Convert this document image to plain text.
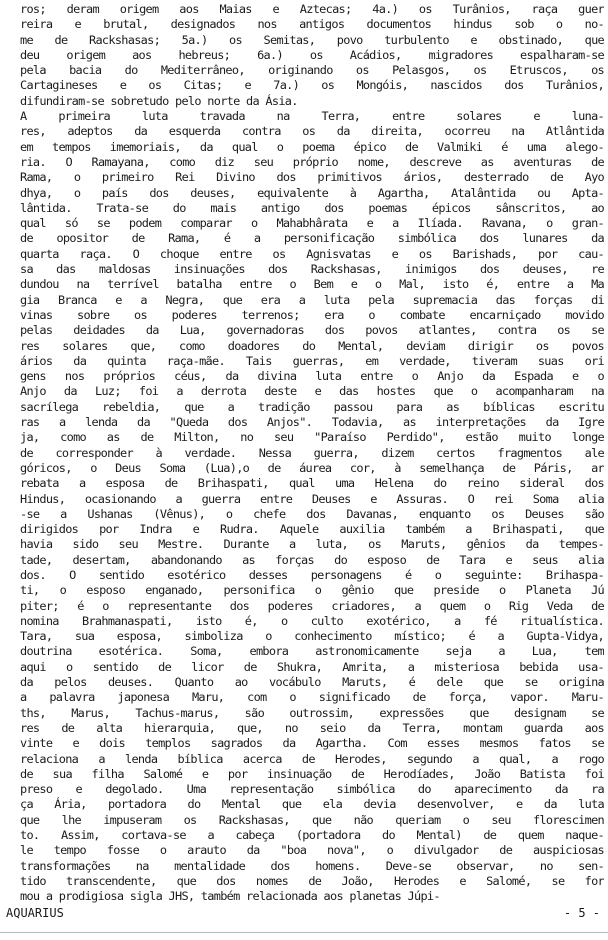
ros; deram origem aos Maias e Aztecas; 4a.) os Turânios, raça guer
reira e brutal, designados nos antigos documentos hindus sob o no-
me de Rackshasas; 5a.) os Semitas, povo turbulento e obstinado, que
deu origem aos hebreus; 6a.) os Acádios, migradores espalharam-se
pela bacia do Mediterrâneo, originando os Pelasgos, os Etruscos, os
Cartagineses e os Citas; e 7a.) os Mongóis, nascidos dos Turânios,
difundiram-se sobretudo pelo norte da Ásia.
A primeira luta travada na Terra, entre solares e luna-
res, adeptos da esquerda contra os da direita, ocorreu na Atlântida
em tempos imemoriais, da qual o poema épico de Valmiki é uma alego-
ria. O Ramayana, como diz seu próprio nome, descreve as aventuras de
Rama, o primeiro Rei Divino dos primitivos ários, desterrado de Ayo
dhya, o país dos deuses, equivalente à Agartha, Atalântida ou Apta-
lântida. Trata-se do mais antigo dos poemas épicos sânscritos, ao
qual só se podem comparar o Mahabhârata e a Ilíada. Ravana, o gran-
de opositor de Rama, é a personificação simbólica dos lunares da
quarta raça. O choque entre os Agnisvatas e os Barishads, por cau-
sa das maldosas insinuações dos Rackshasas, inimigos dos deuses, re
dundou na terrível batalha entre o Bem e o Mal, isto é, entre a Ma
gia Branca e a Negra, que era a luta pela supremacia das forças di
vinas sobre os poderes terrenos; era o combate encarniçado movido
pelas deidades da Lua, governadoras dos povos atlantes, contra os se
res solares que, como doadores do Mental, deviam dirigir os povos
ários da quinta raça-mãe. Tais guerras, em verdade, tiveram suas ori
gens nos próprios céus, da divina luta entre o Anjo da Espada e o
Anjo da Luz; foi a derrota deste e das hostes que o acompanharam na
sacrílega rebeldia, que a tradição passou para as bíblicas escritu
ras a lenda da "Queda dos Anjos". Todavia, as interpretações da Igre
ja, como as de Milton, no seu "Paraíso Perdido", estão muito longe
de corresponder à verdade. Nessa guerra, dizem certos fragmentos ale
góricos, o Deus Soma (Lua),o de áurea cor, à semelhança de Páris, ar
rebata a esposa de Brihaspati, qual uma Helena do reino sideral dos
Hindus, ocasionando a guerra entre Deuses e Assuras. O rei Soma alia
-se a Ushanas (Vênus), o chefe dos Davanas, enquanto os Deuses são
dirigidos por Indra e Rudra. Aquele auxilia também a Brihaspati, que
havia sido seu Mestre. Durante a luta, os Maruts, gênios da tempes-
tade, desertam, abandonando as forças do esposo de Tara e seus alia
dos. O sentido esotérico desses personagens é o seguinte: Brihaspa-
ti, o esposo enganado, personifica o gênio que preside o Planeta Jú
piter; é o representante dos poderes criadores, a quem o Rig Veda de
nomina Brahmanaspati, isto é, o culto exotérico, a fé ritualística.
Tara, sua esposa, simboliza o conhecimento místico; é a Gupta-Vidya,
doutrina esotérica. Soma, embora astronomicamente seja a Lua, tem
aqui o sentido de licor de Shukra, Amrita, a misteriosa bebida usa-
da pelos deuses. Quanto ao vocábulo Maruts, é dele que se origina
a palavra japonesa Maru, com o significado de força, vapor. Maru-
ths, Marus, Tachus-marus, são outrossim, expressões que designam se
res de alta hierarquia, que, no seio da Terra, montam guarda aos
vinte e dois templos sagrados da Agartha. Com esses mesmos fatos se
relaciona a lenda bíblica acerca de Herodes, segundo a qual, a rogo
de sua filha Salomé e por insinuação de Herodíades, João Batista foi
preso e degolado. Uma representação simbólica do aparecimento da ra
ça Ária, portadora do Mental que ela devia desenvolver, e da luta
que lhe impuseram os Rackshasas, que não queriam o seu florescimen
to. Assim, cortava-se a cabeça (portadora do Mental) de quem naque-
le tempo fosse o arauto da "boa nova", o divulgador de auspiciosas
transformações na mentalidade dos homens. Deve-se observar, no sen-
tido transcendente, que dos nomes de João, Herodes e Salomé, se for
mou a prodigiosa sigla JHS, também relacionada aos planetas Júpi-
AQUARIUS	- 5 -
